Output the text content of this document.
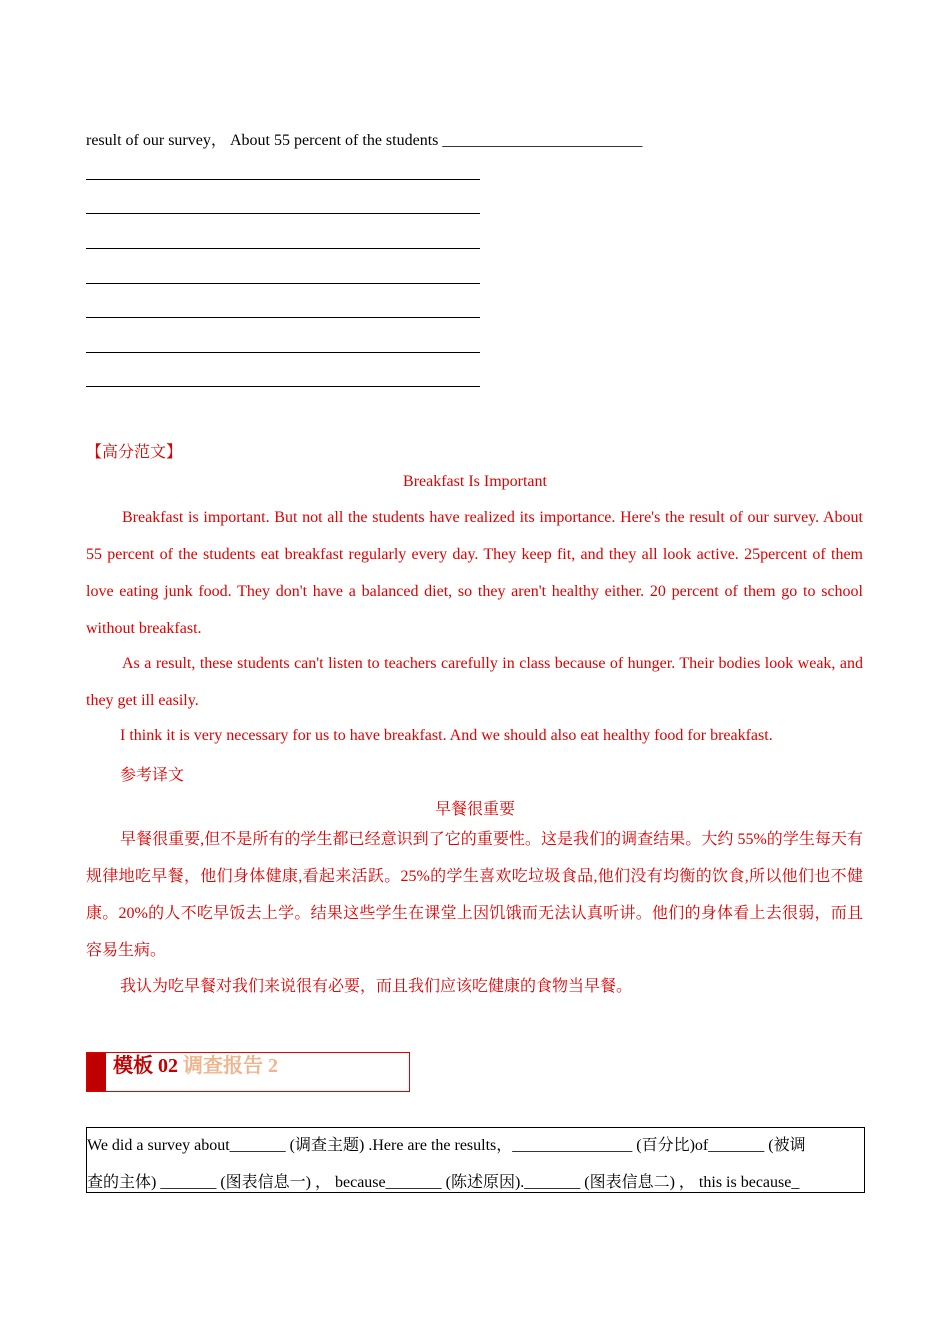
result of our survey， About 55 percent of the students _________________________
【高分范文】
Breakfast Is Important
Breakfast is important. But not all the students have realized its importance. Here's the result of our survey. About 55 percent of the students eat breakfast regularly every day. They keep fit, and they all look active. 25percent of them love eating junk food. They don't have a balanced diet, so they aren't healthy either. 20 percent of them go to school without breakfast.
As a result, these students can't listen to teachers carefully in class because of hunger. Their bodies look weak, and they get ill easily.
I think it is very necessary for us to have breakfast. And we should also eat healthy food for breakfast.
参考译文
早餐很重要
早餐很重要,但不是所有的学生都已经意识到了它的重要性。这是我们的调查结果。大约 55%的学生每天有规律地吃早餐，他们身体健康,看起来活跃。25%的学生喜欢吃垃圾食品,他们没有均衡的饮食,所以他们也不健康。20%的人不吃早饭去上学。结果这些学生在课堂上因饥饿而无法认真听讲。他们的身体看上去很弱，而且容易生病。
我认为吃早餐对我们来说很有必要，而且我们应该吃健康的食物当早餐。
模板 02 调查报告 2
We did a survey about_______ (调查主题) .Here are the results，_______________ (百分比)of_______ (被调
查的主体) _______ (图表信息一) ， because_______ (陈述原因)._______ (图表信息二) ， this is because_
